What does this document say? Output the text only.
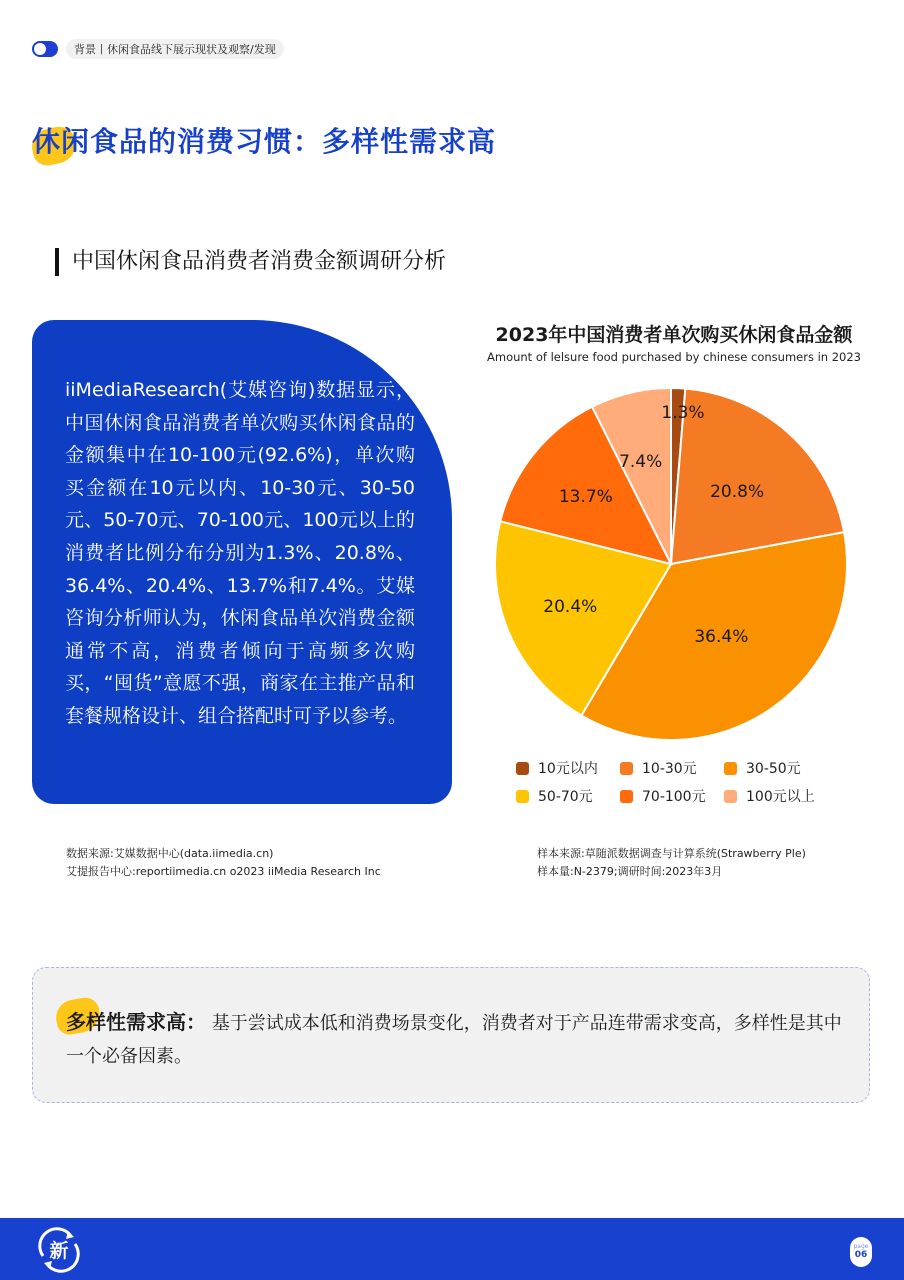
背景丨休闲食品线下展示现状及观察/发现
休闲食品的消费习惯：多样性需求高
中国休闲食品消费者消费金额调研分析
iiMediaResearch(艾媒咨询)数据显示，中国休闲食品消费者单次购买休闲食品的金额集中在10-100元(92.6%)，单次购买金额在10元以内、10-30元、30-50元、50-70元、70-100元、100元以上的消费者比例分布分别为1.3%、20.8%、36.4%、20.4%、13.7%和7.4%。艾媒咨询分析师认为，休闲食品单次消费金额通常不高，消费者倾向于高频多次购买，“囤货”意愿不强，商家在主推产品和套餐规格设计、组合搭配时可予以参考。
2023年中国消费者单次购买休闲食品金额
Amount of lelsure food purchased by chinese consumers in 2023
1.3%
20.8%
36.4%
20.4%
13.7%
7.4%
10元以内	10-30元	30-50元
50-70元	70-100元	100元以上
数据来源:艾媒数据中心(data.iimedia.cn)
艾提报告中心:reportiimedia.cn o2023 iiMedia Research Inc
样本来源:草随派数据调查与计算系统(Strawberry Ple)
样本量:N-2379;调研时间:2023年3月
多样性需求高： 基于尝试成本低和消费场景变化，消费者对于产品连带需求变高，多样性是其中一个必备因素。
新	page
06
